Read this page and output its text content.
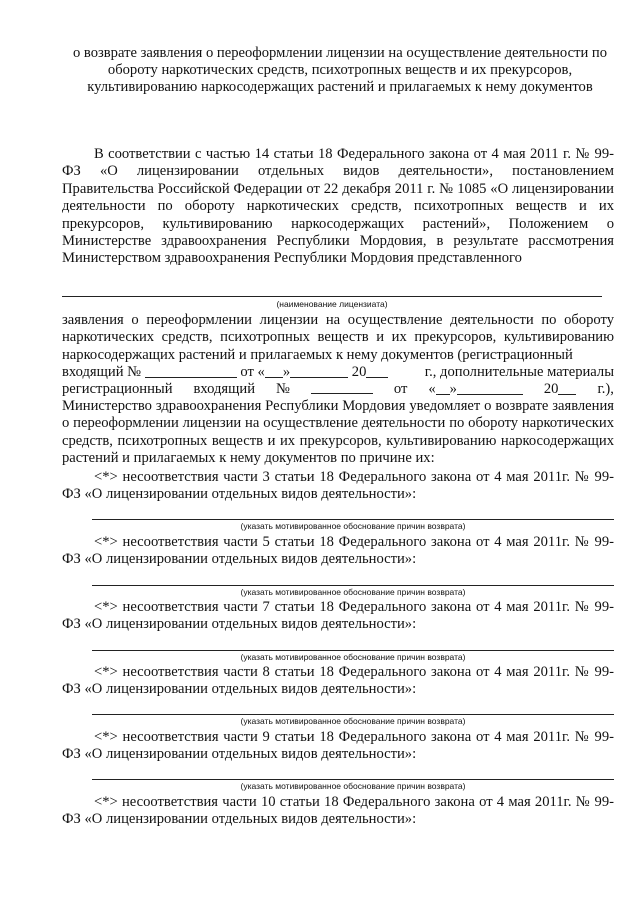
о возврате заявления о переоформлении лицензии на осуществление деятельности по обороту наркотических средств, психотропных веществ и их прекурсоров, культивированию наркосодержащих растений и прилагаемых к нему документов
В соответствии с частью 14 статьи 18 Федерального закона от 4 мая 2011 г. № 99-ФЗ «О лицензировании отдельных видов деятельности», постановлением Правительства Российской Федерации от 22 декабря 2011 г. № 1085 «О лицензировании деятельности по обороту наркотических средств, психотропных веществ и их прекурсоров, культивированию наркосодержащих растений», Положением о Министерстве здравоохранения Республики Мордовия, в результате рассмотрения Министерством здравоохранения Республики Мордовия представленного
(наименование лицензиата)
заявления о переоформлении лицензии на осуществление деятельности по обороту наркотических средств, психотропных веществ и их прекурсоров, культивированию наркосодержащих растений и прилагаемых к нему документов (регистрационный
входящий №	от « »	20	г., дополнительные материалы
регистрационный входящий №	от « »	20	г.),
Министерство здравоохранения Республики Мордовия уведомляет о возврате заявления о переоформлении лицензии на осуществление деятельности по обороту наркотических средств, психотропных веществ и их прекурсоров, культивированию наркосодержащих растений и прилагаемых к нему документов по причине их:
<*> несоответствия части 3 статьи 18 Федерального закона от 4 мая 2011г. № 99-ФЗ «О лицензировании отдельных видов деятельности»:
(указать мотивированное обоснование причин возврата)
<*> несоответствия части 5 статьи 18 Федерального закона от 4 мая 2011г. № 99-ФЗ «О лицензировании отдельных видов деятельности»:
(указать мотивированное обоснование причин возврата)
<*> несоответствия части 7 статьи 18 Федерального закона от 4 мая 2011г. № 99-ФЗ «О лицензировании отдельных видов деятельности»:
(указать мотивированное обоснование причин возврата)
<*> несоответствия части 8 статьи 18 Федерального закона от 4 мая 2011г. № 99-ФЗ «О лицензировании отдельных видов деятельности»:
(указать мотивированное обоснование причин возврата)
<*> несоответствия части 9 статьи 18 Федерального закона от 4 мая 2011г. № 99-ФЗ «О лицензировании отдельных видов деятельности»:
(указать мотивированное обоснование причин возврата)
<*> несоответствия части 10 статьи 18 Федерального закона от 4 мая 2011г. № 99-ФЗ «О лицензировании отдельных видов деятельности»:
